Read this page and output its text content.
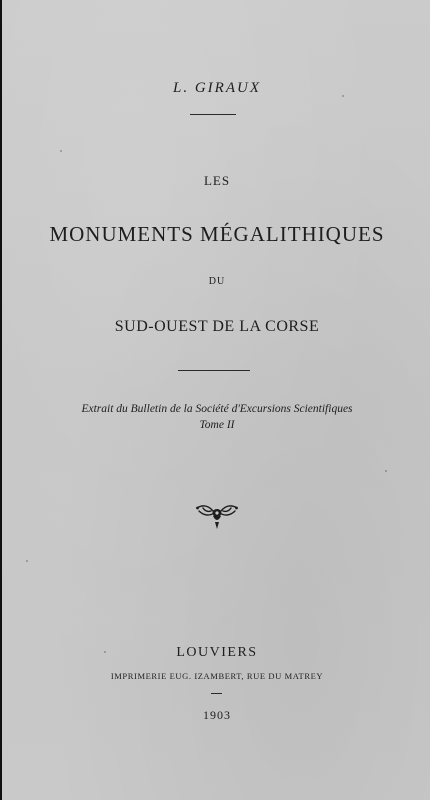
L. GIRAUX
LES
MONUMENTS MÉGALITHIQUES
DU
SUD-OUEST DE LA CORSE
Extrait du Bulletin de la Société d'Excursions Scientifiques
Tome II
LOUVIERS
IMPRIMERIE EUG. IZAMBERT, RUE DU MATREY
1903
